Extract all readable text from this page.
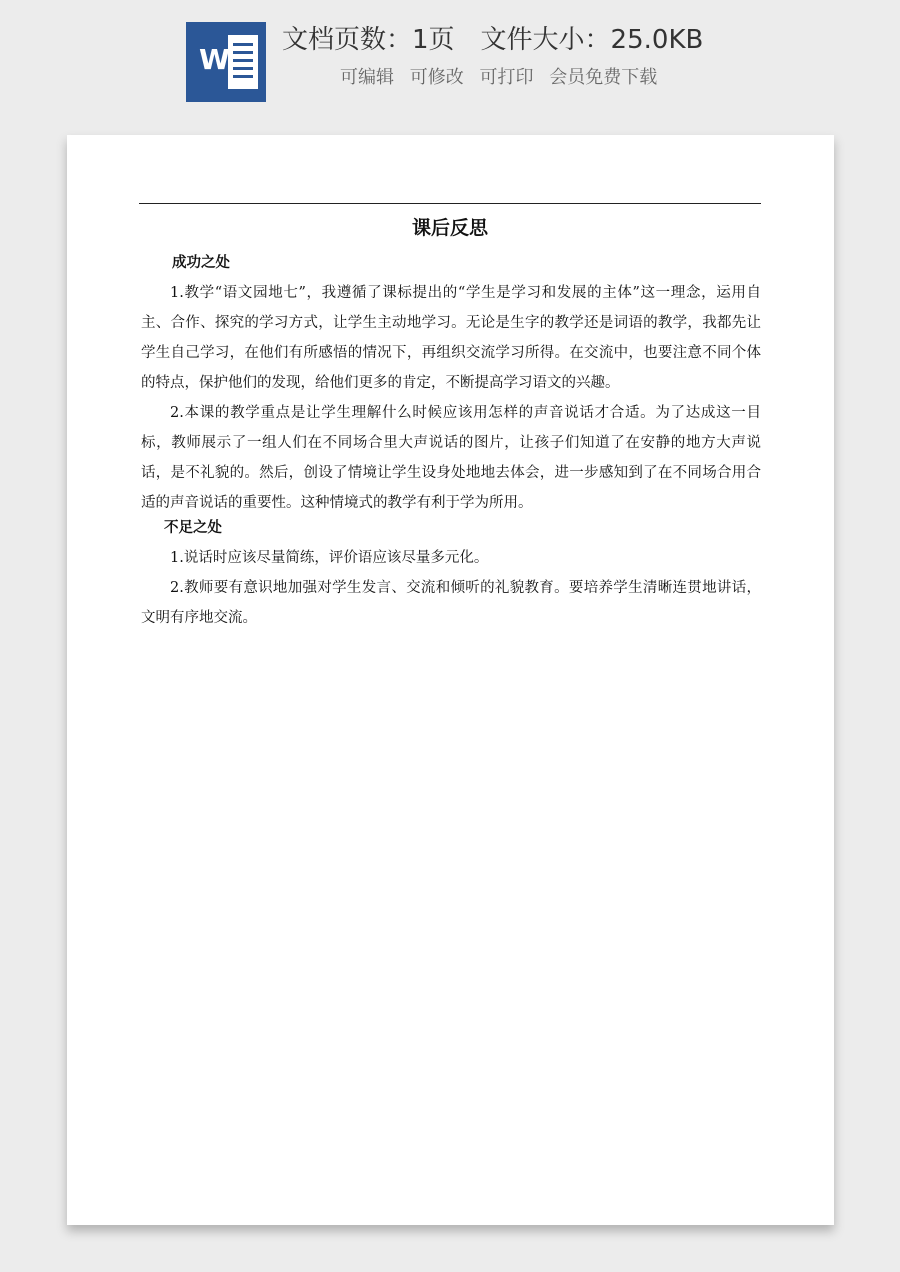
W
文档页数：1页 文件大小：25.0KB
可编辑 可修改 可打印 会员免费下载
课后反思
成功之处
1.教学“语文园地七”，我遵循了课标提出的“学生是学习和发展的主体”这一理念，运用自主、合作、探究的学习方式，让学生主动地学习。无论是生字的教学还是词语的教学，我都先让学生自己学习，在他们有所感悟的情况下，再组织交流学习所得。在交流中，也要注意不同个体的特点，保护他们的发现，给他们更多的肯定，不断提高学习语文的兴趣。
2.本课的教学重点是让学生理解什么时候应该用怎样的声音说话才合适。为了达成这一目标，教师展示了一组人们在不同场合里大声说话的图片，让孩子们知道了在安静的地方大声说话，是不礼貌的。然后，创设了情境让学生设身处地地去体会，进一步感知到了在不同场合用合适的声音说话的重要性。这种情境式的教学有利于学为所用。
不足之处
1.说话时应该尽量简练，评价语应该尽量多元化。
2.教师要有意识地加强对学生发言、交流和倾听的礼貌教育。要培养学生清晰连贯地讲话，文明有序地交流。
